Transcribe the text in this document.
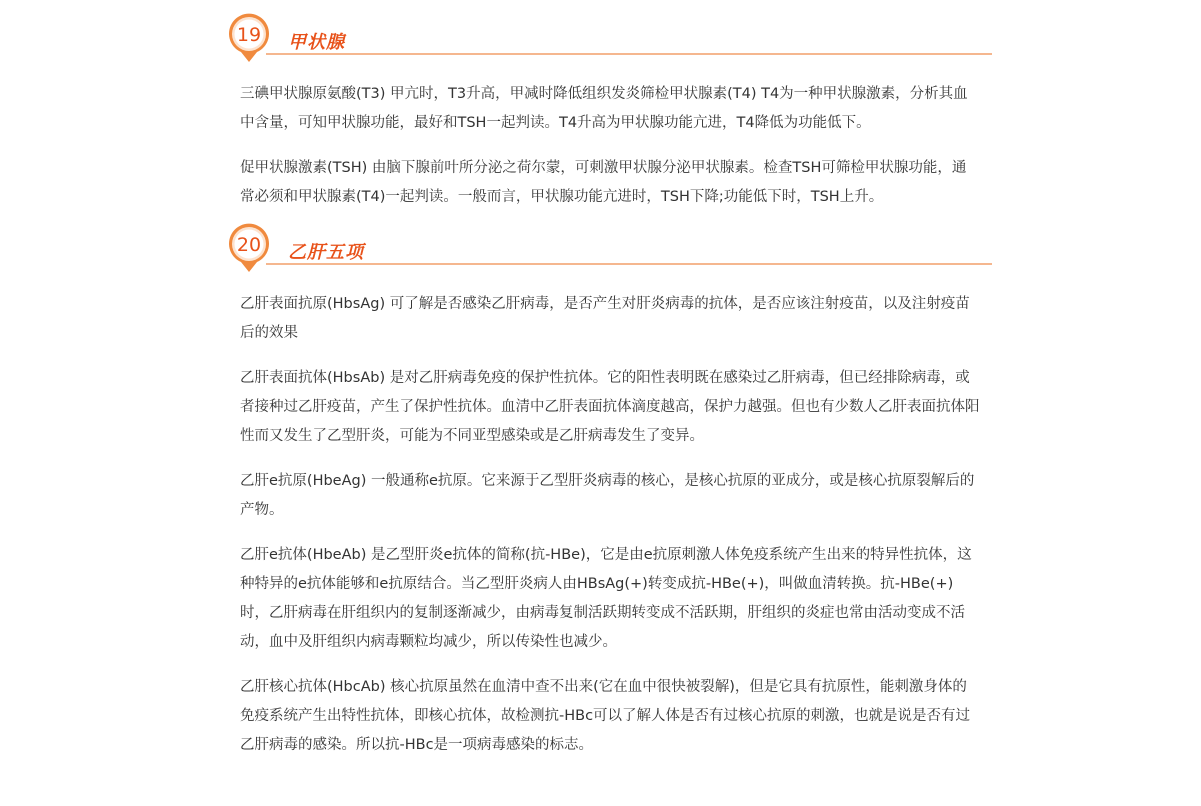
19 甲状腺

三碘甲状腺原氨酸(T3) 甲亢时，T3升高，甲减时降低组织发炎筛检甲状腺素(T4) T4为一种甲状腺激素，分析其血中含量，可知甲状腺功能，最好和TSH一起判读。T4升高为甲状腺功能亢进，T4降低为功能低下。

促甲状腺激素(TSH) 由脑下腺前叶所分泌之荷尔蒙，可刺激甲状腺分泌甲状腺素。检查TSH可筛检甲状腺功能，通常必须和甲状腺素(T4)一起判读。一般而言，甲状腺功能亢进时，TSH下降;功能低下时，TSH上升。

20 乙肝五项

乙肝表面抗原(HbsAg) 可了解是否感染乙肝病毒，是否产生对肝炎病毒的抗体，是否应该注射疫苗，以及注射疫苗后的效果

乙肝表面抗体(HbsAb) 是对乙肝病毒免疫的保护性抗体。它的阳性表明既在感染过乙肝病毒，但已经排除病毒，或者接种过乙肝疫苗，产生了保护性抗体。血清中乙肝表面抗体滴度越高，保护力越强。但也有少数人乙肝表面抗体阳性而又发生了乙型肝炎，可能为不同亚型感染或是乙肝病毒发生了变异。

乙肝e抗原(HbeAg) 一般通称e抗原。它来源于乙型肝炎病毒的核心，是核心抗原的亚成分，或是核心抗原裂解后的产物。

乙肝e抗体(HbeAb) 是乙型肝炎e抗体的简称(抗-HBe)，它是由e抗原刺激人体免疫系统产生出来的特异性抗体，这种特异的e抗体能够和e抗原结合。当乙型肝炎病人由HBsAg(+)转变成抗-HBe(+)，叫做血清转换。抗-HBe(+)时，乙肝病毒在肝组织内的复制逐渐减少，由病毒复制活跃期转变成不活跃期，肝组织的炎症也常由活动变成不活动，血中及肝组织内病毒颗粒均减少，所以传染性也减少。

乙肝核心抗体(HbcAb) 核心抗原虽然在血清中查不出来(它在血中很快被裂解)，但是它具有抗原性，能刺激身体的免疫系统产生出特性抗体，即核心抗体，故检测抗-HBc可以了解人体是否有过核心抗原的刺激，也就是说是否有过乙肝病毒的感染。所以抗-HBc是一项病毒感染的标志。
